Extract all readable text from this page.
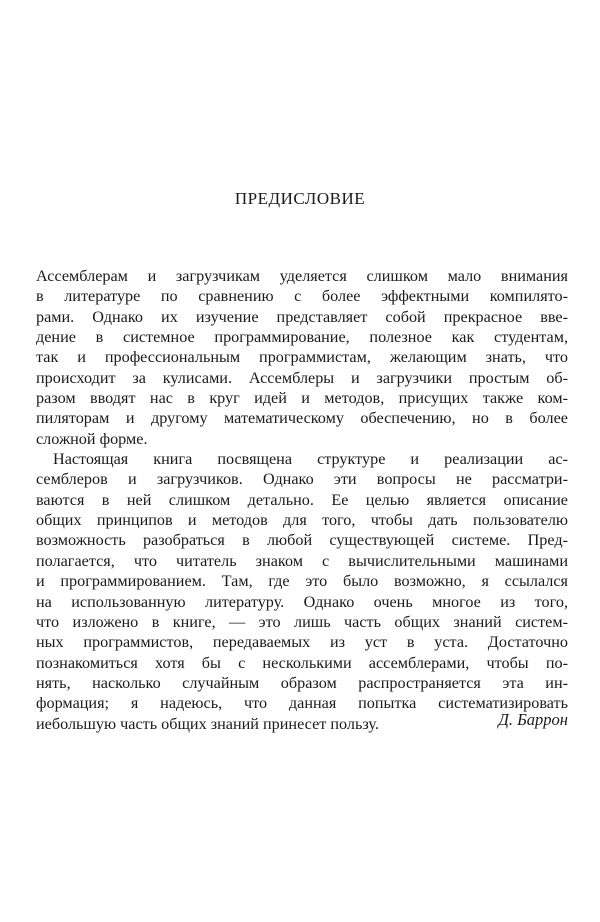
ПРЕДИСЛОВИЕ
Ассемблерам и загрузчикам уделяется слишком мало внимания
в литературе по сравнению с более эффектными компилято-
рами. Однако их изучение представляет собой прекрасное вве-
дение в системное программирование, полезное как студентам,
так и профессиональным программистам, желающим знать, что
происходит за кулисами. Ассемблеры и загрузчики простым об-
разом вводят нас в круг идей и методов, присущих также ком-
пиляторам и другому математическому обеспечению, но в более
сложной форме.
Настоящая книга посвящена структуре и реализации ас-
семблеров и загрузчиков. Однако эти вопросы не рассматри-
ваются в ней слишком детально. Ее целью является описание
общих принципов и методов для того, чтобы дать пользователю
возможность разобраться в любой существующей системе. Пред-
полагается, что читатель знаком с вычислительными машинами
и программированием. Там, где это было возможно, я ссылался
на использованную литературу. Однако очень многое из того,
что изложено в книге, — это лишь часть общих знаний систем-
ных программистов, передаваемых из уст в уста. Достаточно
познакомиться хотя бы с несколькими ассемблерами, чтобы по-
нять, насколько случайным образом распространяется эта ин-
формация; я надеюсь, что данная попытка систематизировать
иебольшую часть общих знаний принесет пользу.	Д. Баррон
